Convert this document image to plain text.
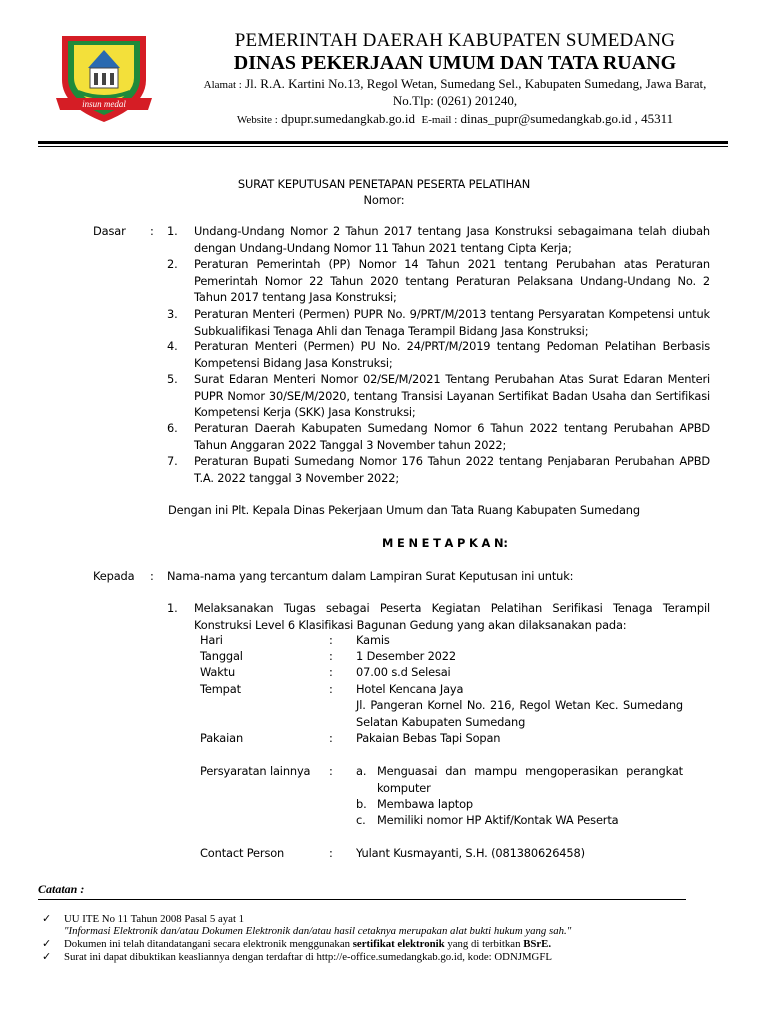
insun medal
PEMERINTAH DAERAH KABUPATEN SUMEDANG
DINAS PEKERJAAN UMUM DAN TATA RUANG
Alamat : Jl. R.A. Kartini No.13, Regol Wetan, Sumedang Sel., Kabupaten Sumedang, Jawa Barat,
No.Tlp: (0261) 201240,
Website : dpupr.sumedangkab.go.id E-mail : dinas_pupr@sumedangkab.go.id , 45311
SURAT KEPUTUSAN PENETAPAN PESERTA PELATIHAN
Nomor:
Dasar : 1.	Undang-Undang Nomor 2 Tahun 2017 tentang Jasa Konstruksi sebagaimana telah diubah dengan Undang-Undang Nomor 11 Tahun 2021 tentang Cipta Kerja;
2.	Peraturan Pemerintah (PP) Nomor 14 Tahun 2021 tentang Perubahan atas Peraturan Pemerintah Nomor 22 Tahun 2020 tentang Peraturan Pelaksana Undang-Undang No. 2 Tahun 2017 tentang Jasa Konstruksi;
3.	Peraturan Menteri (Permen) PUPR No. 9/PRT/M/2013 tentang Persyaratan Kompetensi untuk Subkualifikasi Tenaga Ahli dan Tenaga Terampil Bidang Jasa Konstruksi;
4.	Peraturan Menteri (Permen) PU No. 24/PRT/M/2019 tentang Pedoman Pelatihan Berbasis Kompetensi Bidang Jasa Konstruksi;
5.	Surat Edaran Menteri Nomor 02/SE/M/2021 Tentang Perubahan Atas Surat Edaran Menteri PUPR Nomor 30/SE/M/2020, tentang Transisi Layanan Sertifikat Badan Usaha dan Sertifikasi Kompetensi Kerja (SKK) Jasa Konstruksi;
6.	Peraturan Daerah Kabupaten Sumedang Nomor 6 Tahun 2022 tentang Perubahan APBD Tahun Anggaran 2022 Tanggal 3 November tahun 2022;
7.	Peraturan Bupati Sumedang Nomor 176 Tahun 2022 tentang Penjabaran Perubahan APBD T.A. 2022 tanggal 3 November 2022;
Dengan ini Plt. Kepala Dinas Pekerjaan Umum dan Tata Ruang Kabupaten Sumedang
M E N E T A P K A N:
Kepada : Nama-nama yang tercantum dalam Lampiran Surat Keputusan ini untuk:
1.	Melaksanakan Tugas sebagai Peserta Kegiatan Pelatihan Serifikasi Tenaga Terampil Konstruksi Level 6 Klasifikasi Bagunan Gedung yang akan dilaksanakan pada:
Hari	: Kamis
Tanggal	: 1 Desember 2022
Waktu	: 07.00 s.d Selesai
Tempat	: Hotel Kencana Jaya
Jl. Pangeran Kornel No. 216, Regol Wetan Kec. Sumedang Selatan Kabupaten Sumedang
Pakaian	: Pakaian Bebas Tapi Sopan
Persyaratan lainnya : a. Menguasai dan mampu mengoperasikan perangkat komputer
b. Membawa laptop
c. Memiliki nomor HP Aktif/Kontak WA Peserta
Contact Person	: Yulant Kusmayanti, S.H. (081380626458)
Catatan :
✓ UU ITE No 11 Tahun 2008 Pasal 5 ayat 1
"Informasi Elektronik dan/atau Dokumen Elektronik dan/atau hasil cetaknya merupakan alat bukti hukum yang sah."
✓ Dokumen ini telah ditandatangani secara elektronik menggunakan sertifikat elektronik yang di terbitkan BSrE.
✓ Surat ini dapat dibuktikan keasliannya dengan terdaftar di http://e-office.sumedangkab.go.id, kode: ODNJMGFL
